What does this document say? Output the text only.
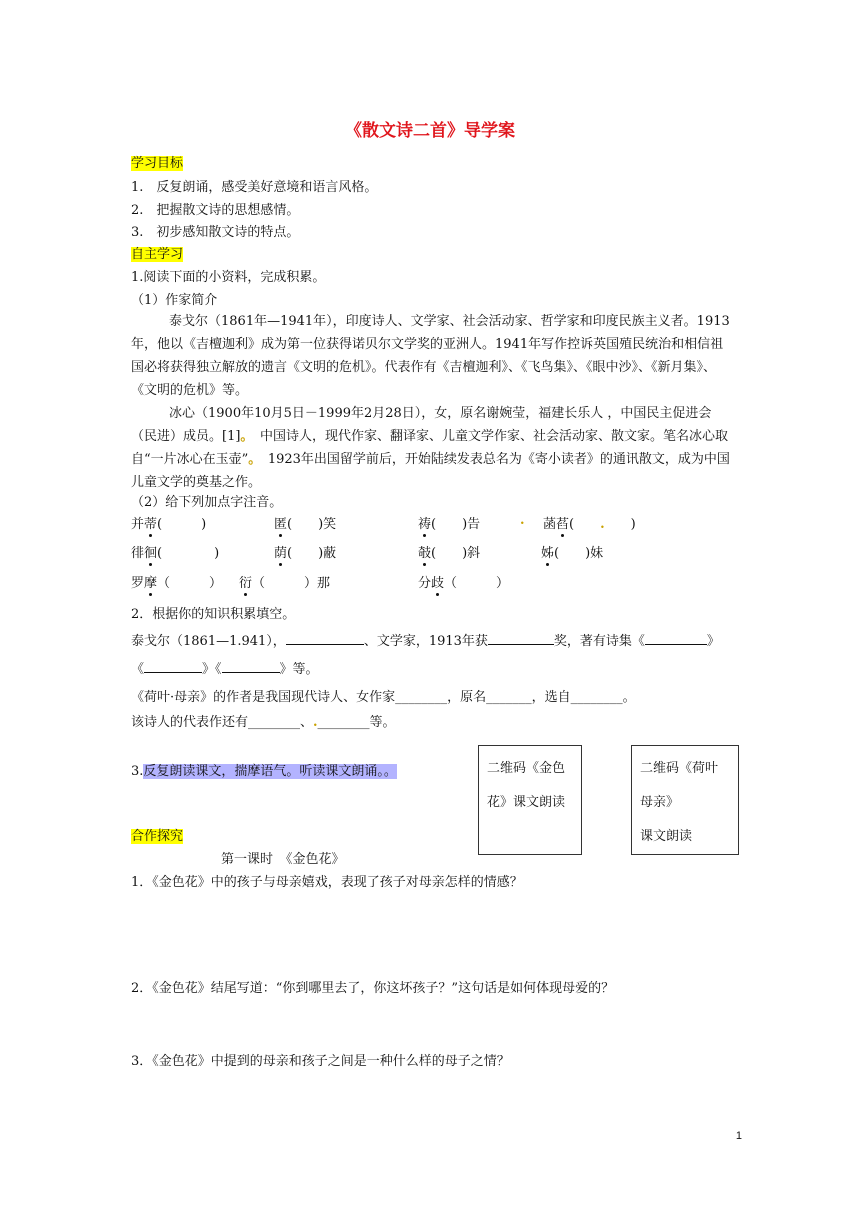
《散文诗二首》导学案
学习目标
1.　反复朗诵，感受美好意境和语言风格。
2.　把握散文诗的思想感情。
3.　初步感知散文诗的特点。
自主学习
1.阅读下面的小资料，完成积累。
（1）作家简介
泰戈尔（1861年—1941年），印度诗人、文学家、社会活动家、哲学家和印度民族主义者。1913年，他以《吉檀迦利》成为第一位获得诺贝尔文学奖的亚洲人。1941年写作控诉英国殖民统治和相信祖国必将获得独立解放的遗言《文明的危机》。代表作有《吉檀迦利》、《飞鸟集》、《眼中沙》、《新月集》、《文明的危机》等。
冰心（1900年10月5日－1999年2月28日），女，原名谢婉莹，福建长乐人 ，中国民主促进会（民进）成员。[1]。　中国诗人，现代作家、翻译家、儿童文学作家、社会活动家、散文家。笔名冰心取自“一片冰心在玉壶”。　1923年出国留学前后，开始陆续发表总名为《寄小读者》的通讯散文，成为中国儿童文学的奠基之作。
（2）给下列加点字注音。
并蒂(　　　)	匿(　　)笑	祷(　　)告	. 菡萏( . )
徘徊(　　　　)	荫(　　)蔽	攲(　　)斜	姊(　　)妹
罗摩（　　　） 衍（　　　）那	分歧（　　　）
2．根据你的知识积累填空。
泰戈尔（1861—1.941），	、文学家，1913年获	奖，著有诗集《	》
《	》《	》等。
《荷叶·母亲》的作者是我国现代诗人、女作家________，原名_______，选自________。
该诗人的代表作还有________、.________等。
3.反复朗读课文，揣摩语气。听读课文朗诵。。	二维码《金色
花》课文朗读
二维码《荷叶
母亲》
课文朗读
合作探究
第一课时　《金色花》
1．《金色花》中的孩子与母亲嬉戏，表现了孩子对母亲怎样的情感？
2．《金色花》结尾写道：“你到哪里去了，你这坏孩子？”这句话是如何体现母爱的？
3．《金色花》中提到的母亲和孩子之间是一种什么样的母子之情？
1
